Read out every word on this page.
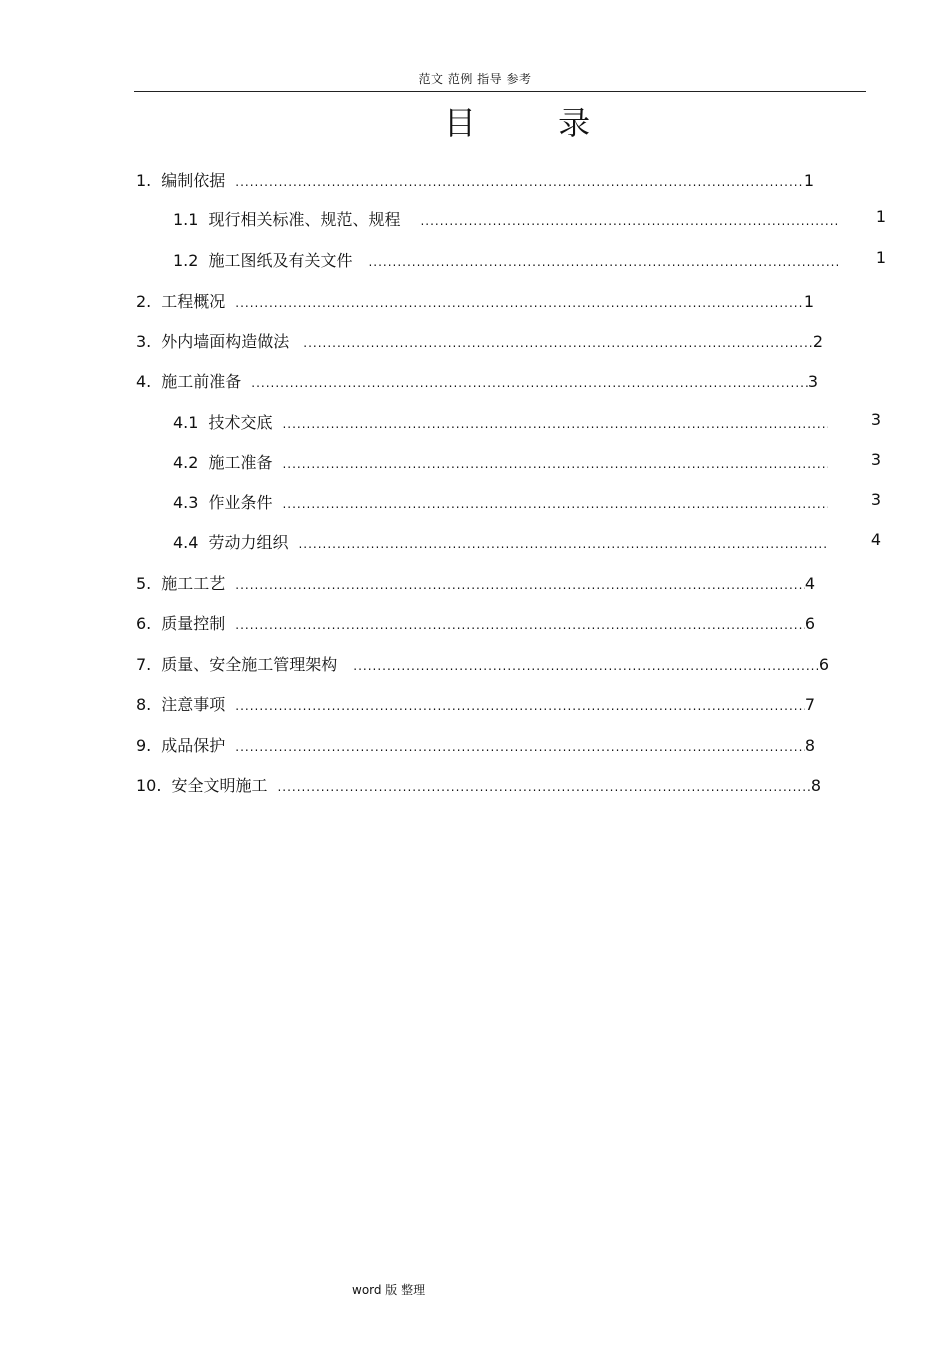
范文 范例 指导 参考
目 录
1. 编制依据 .....	1
1.1 现行相关标准、规范、规程 .....	1
1.2 施工图纸及有关文件 .....	1
2. 工程概况 .....	1
3. 外内墙面构造做法 .....	2
4. 施工前准备 .....	3
4.1 技术交底 .....	3
4.2 施工准备 .....	3
4.3 作业条件 .....	3
4.4 劳动力组织 .....	4
5. 施工工艺 .....	4
6. 质量控制 .....	6
7. 质量、安全施工管理架构 .....	6
8. 注意事项 .....	7
9. 成品保护 .....	8
10. 安全文明施工 .....	8
word 版 整理
